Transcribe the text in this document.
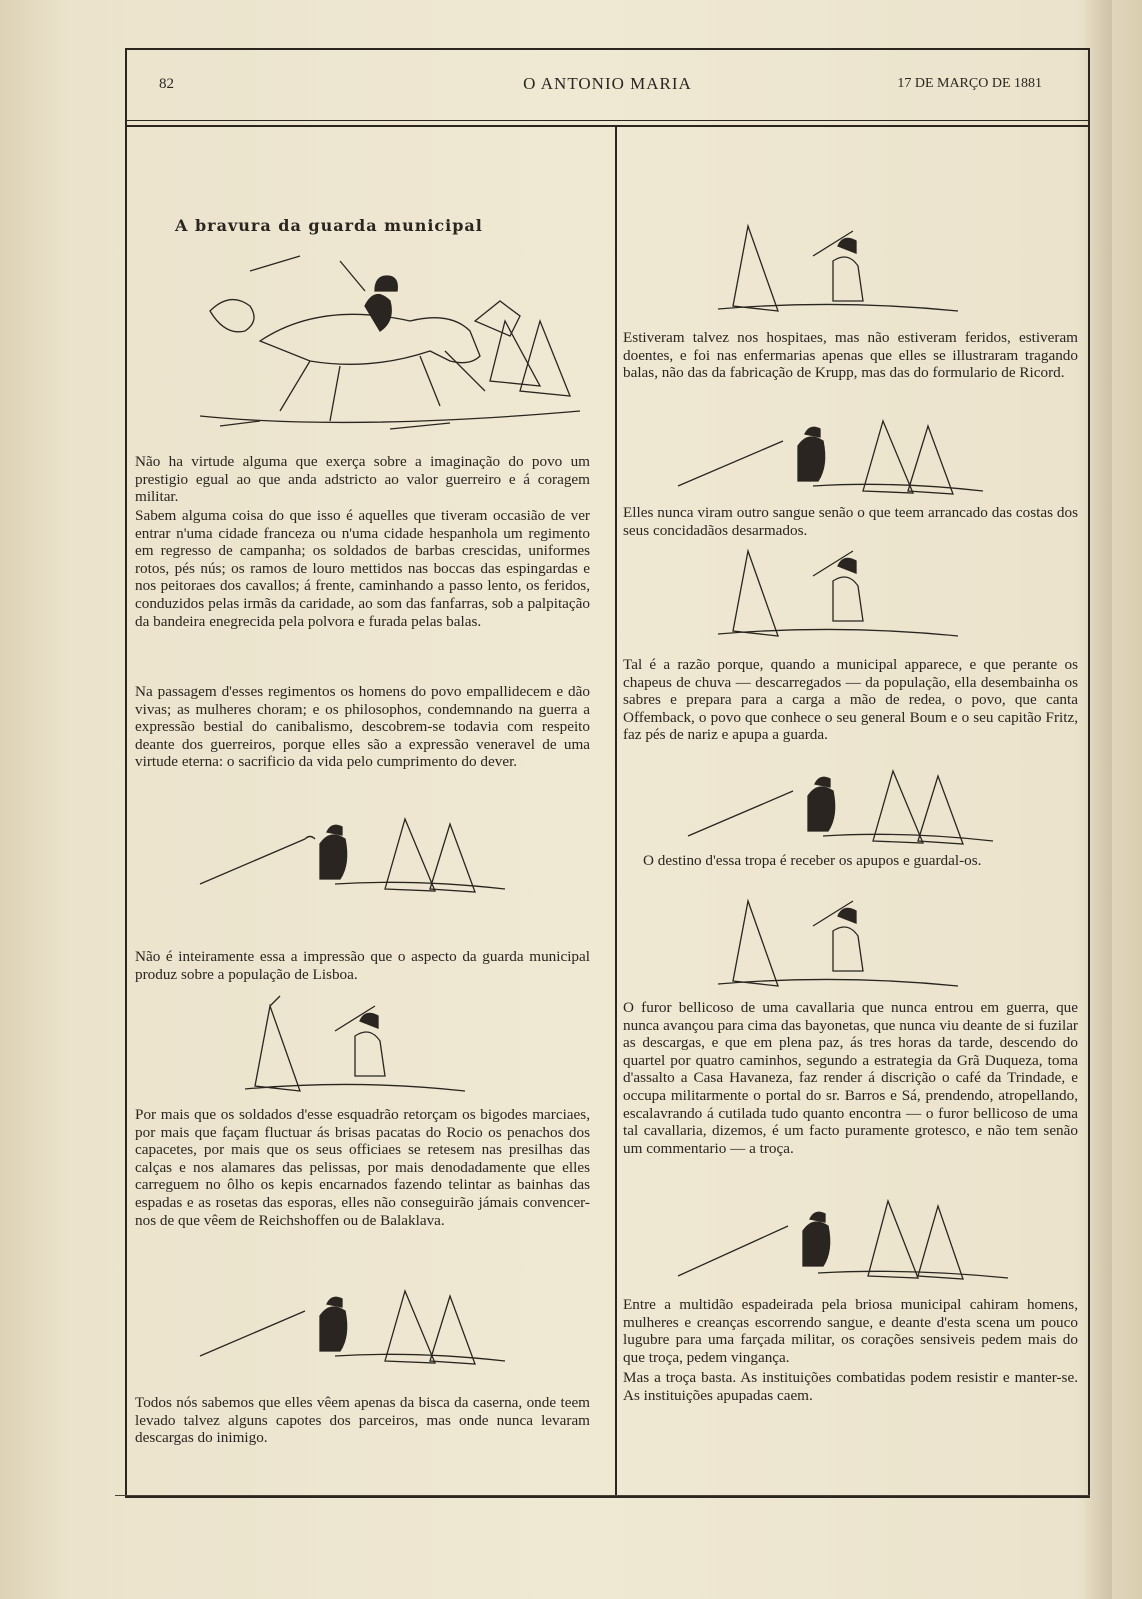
82	O ANTONIO MARIA	17 DE MARÇO DE 1881
A bravura da guarda municipal

Não ha virtude alguma que exerça sobre a imaginação do povo um prestigio egual ao que anda adstricto ao valor guerreiro e á coragem militar.

Sabem alguma coisa do que isso é aquelles que tiveram occasião de ver entrar n'uma cidade franceza ou n'uma cidade hespanhola um regimento em regresso de campanha; os soldados de barbas crescidas, uniformes rotos, pés nús; os ramos de louro mettidos nas boccas das espingardas e nos peitoraes dos cavallos; á frente, caminhando a passo lento, os feridos, conduzidos pelas irmãs da caridade, ao som das fanfarras, sob a palpitação da bandeira enegrecida pela polvora e furada pelas balas.

Na passagem d'esses regimentos os homens do povo empallidecem e dão vivas; as mulheres choram; e os philosophos, condemnando na guerra a expressão bestial do canibalismo, descobrem-se todavia com respeito deante dos guerreiros, porque elles são a expressão veneravel de uma virtude eterna: o sacrificio da vida pelo cumprimento do dever.

Não é inteiramente essa a impressão que o aspecto da guarda municipal produz sobre a população de Lisboa.

Por mais que os soldados d'esse esquadrão retorçam os bigodes marciaes, por mais que façam fluctuar ás brisas pacatas do Rocio os penachos dos capacetes, por mais que os seus officiaes se retesem nas presilhas das calças e nos alamares das pelissas, por mais denodadamente que elles carreguem no ôlho os kepis encarnados fazendo telintar as bainhas das espadas e as rosetas das esporas, elles não conseguirão jámais convencer-nos de que vêem de Reichshoffen ou de Balaklava.

Todos nós sabemos que elles vêem apenas da bisca da caserna, onde teem levado talvez alguns capotes dos parceiros, mas onde nunca levaram descargas do inimigo.

Estiveram talvez nos hospitaes, mas não estiveram feridos, estiveram doentes, e foi nas enfermarias apenas que elles se illustraram tragando balas, não das da fabricação de Krupp, mas das do formulario de Ricord.

Elles nunca viram outro sangue senão o que teem arrancado das costas dos seus concidadãos desarmados.

Tal é a razão porque, quando a municipal apparece, e que perante os chapeus de chuva — descarregados — da população, ella desembainha os sabres e prepara para a carga a mão de redea, o povo, que canta Offemback, o povo que conhece o seu general Boum e o seu capitão Fritz, faz pés de nariz e apupa a guarda.

O destino d'essa tropa é receber os apupos e guardal-os.

O furor bellicoso de uma cavallaria que nunca entrou em guerra, que nunca avançou para cima das bayonetas, que nunca viu deante de si fuzilar as descargas, e que em plena paz, ás tres horas da tarde, descendo do quartel por quatro caminhos, segundo a estrategia da Grã Duqueza, toma d'assalto a Casa Havaneza, faz render á discrição o café da Trindade, e occupa militarmente o portal do sr. Barros e Sá, prendendo, atropellando, escalavrando á cutilada tudo quanto encontra — o furor bellicoso de uma tal cavallaria, dizemos, é um facto puramente grotesco, e não tem senão um commentario — a troça.

Entre a multidão espadeirada pela briosa municipal cahiram homens, mulheres e creanças escorrendo sangue, e deante d'esta scena um pouco lugubre para uma farçada militar, os corações sensiveis pedem mais do que troça, pedem vingança.

Mas a troça basta. As instituições combatidas podem resistir e manter-se. As instituições apupadas caem.
